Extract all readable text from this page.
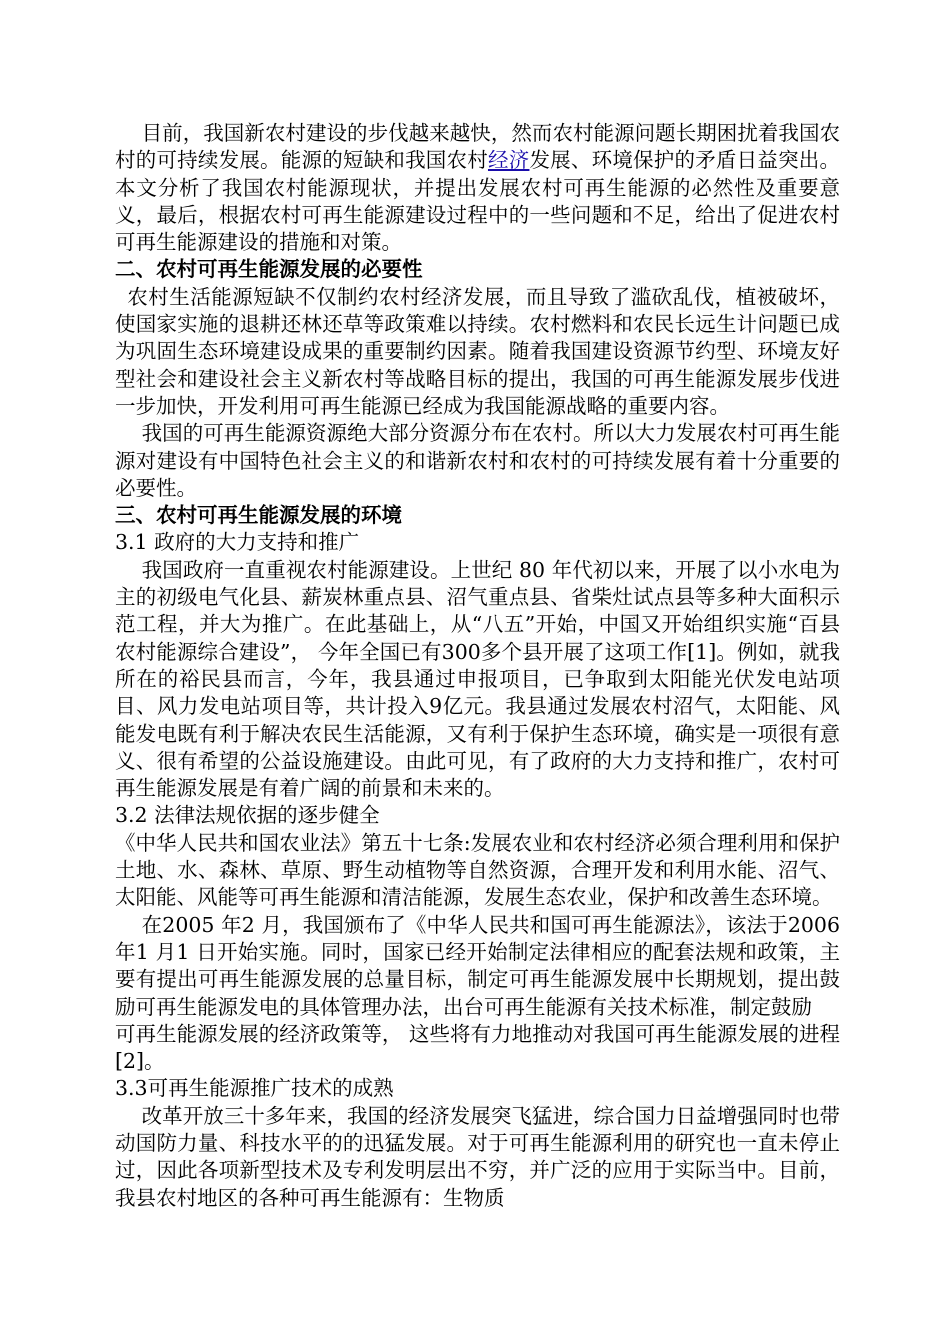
目前，我国新农村建设的步伐越来越快，然而农村能源问题长期困扰着我国农村的可持续发展。能源的短缺和我国农村经济发展、环境保护的矛盾日益突出。本文分析了我国农村能源现状，并提出发展农村可再生能源的必然性及重要意义，最后，根据农村可再生能源建设过程中的一些问题和不足，给出了促进农村可再生能源建设的措施和对策。

二、农村可再生能源发展的必要性

农村生活能源短缺不仅制约农村经济发展，而且导致了滥砍乱伐，植被破坏，使国家实施的退耕还林还草等政策难以持续。农村燃料和农民长远生计问题已成为巩固生态环境建设成果的重要制约因素。随着我国建设资源节约型、环境友好型社会和建设社会主义新农村等战略目标的提出，我国的可再生能源发展步伐进一步加快，开发利用可再生能源已经成为我国能源战略的重要内容。

我国的可再生能源资源绝大部分资源分布在农村。所以大力发展农村可再生能源对建设有中国特色社会主义的和谐新农村和农村的可持续发展有着十分重要的必要性。

三、农村可再生能源发展的环境

3.1 政府的大力支持和推广

我国政府一直重视农村能源建设。上世纪 80 年代初以来，开展了以小水电为主的初级电气化县、薪炭林重点县、沼气重点县、省柴灶试点县等多种大面积示范工程，并大为推广。在此基础上，从“八五”开始，中国又开始组织实施“百县农村能源综合建设”， 今年全国已有300多个县开展了这项工作[1]。例如，就我所在的裕民县而言，今年，我县通过申报项目，已争取到太阳能光伏发电站项目、风力发电站项目等，共计投入9亿元。我县通过发展农村沼气，太阳能、风能发电既有利于解决农民生活能源，又有利于保护生态环境，确实是一项很有意义、很有希望的公益设施建设。由此可见，有了政府的大力支持和推广，农村可再生能源发展是有着广阔的前景和未来的。

3.2 法律法规依据的逐步健全

《中华人民共和国农业法》第五十七条:发展农业和农村经济必须合理利用和保护土地、水、森林、草原、野生动植物等自然资源，合理开发和利用水能、沼气、太阳能、风能等可再生能源和清洁能源，发展生态农业，保护和改善生态环境。

在2005 年2 月，我国颁布了《中华人民共和国可再生能源法》，该法于2006年1 月1 日开始实施。同时，国家已经开始制定法律相应的配套法规和政策，主要有提出可再生能源发展的总量目标，制定可再生能源发展中长期规划，提出鼓励可再生能源发电的具体管理办法，出台可再生能源有关技术标准，制定鼓励

可再生能源发展的经济政策等， 这些将有力地推动对我国可再生能源发展的进程[2]。

3.3可再生能源推广技术的成熟

改革开放三十多年来，我国的经济发展突飞猛进，综合国力日益增强同时也带动国防力量、科技水平的的迅猛发展。对于可再生能源利用的研究也一直未停止过，因此各项新型技术及专利发明层出不穷，并广泛的应用于实际当中。目前，我县农村地区的各种可再生能源有：生物质
